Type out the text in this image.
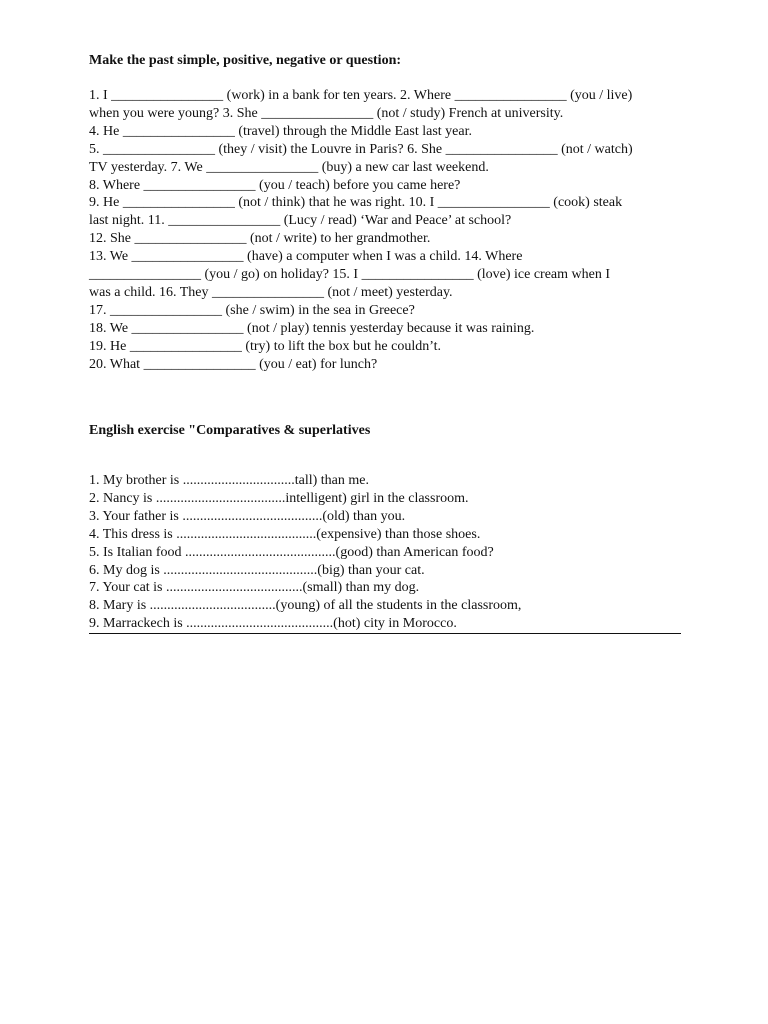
Make the past simple, positive, negative or question:
1. I ________________ (work) in a bank for ten years. 2. Where ________________ (you / live)
when you were young? 3. She ________________ (not / study) French at university.
4. He ________________ (travel) through the Middle East last year.
5. ________________ (they / visit) the Louvre in Paris? 6. She ________________ (not / watch)
TV yesterday. 7. We ________________ (buy) a new car last weekend.
8. Where ________________ (you / teach) before you came here?
9. He ________________ (not / think) that he was right. 10. I ________________ (cook) steak
last night. 11. ________________ (Lucy / read) ‘War and Peace’ at school?
12. She ________________ (not / write) to her grandmother.
13. We ________________ (have) a computer when I was a child. 14. Where
________________ (you / go) on holiday? 15. I ________________ (love) ice cream when I
was a child. 16. They ________________ (not / meet) yesterday.
17. ________________ (she / swim) in the sea in Greece?
18. We ________________ (not / play) tennis yesterday because it was raining.
19. He ________________ (try) to lift the box but he couldn’t.
20. What ________________ (you / eat) for lunch?
English exercise "Comparatives & superlatives
1. My brother is ................................tall) than me.
2. Nancy is .....................................intelligent) girl in the classroom.
3. Your father is ........................................(old) than you.
4. This dress is ........................................(expensive) than those shoes.
5. Is Italian food ...........................................(good) than American food?
6. My dog is ............................................(big) than your cat.
7. Your cat is .......................................(small) than my dog.
8. Mary is ....................................(young) of all the students in the classroom,
9. Marrackech is ..........................................(hot) city in Morocco.
